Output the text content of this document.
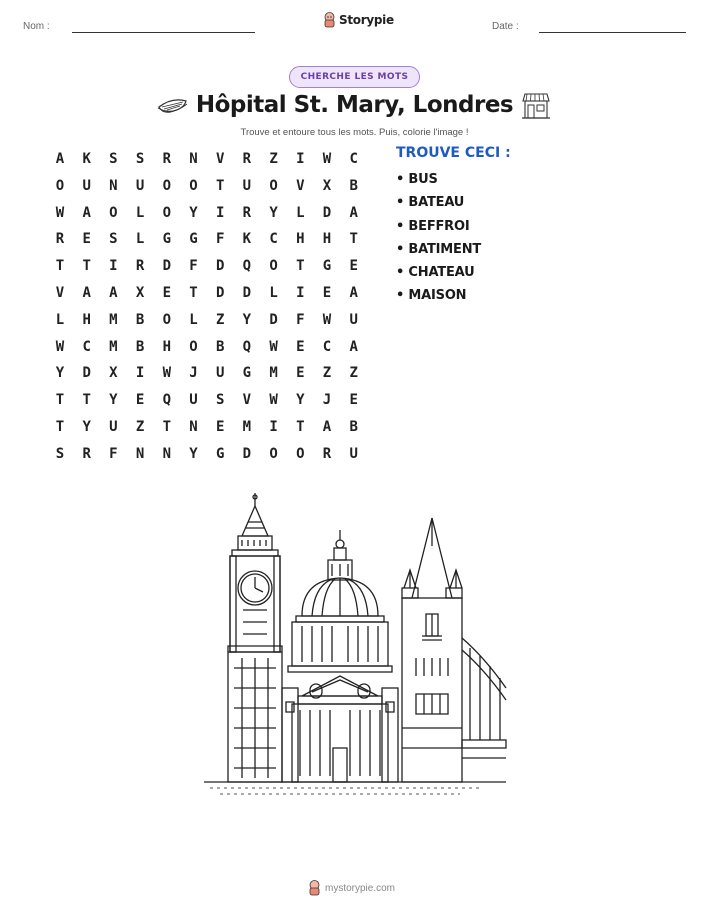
Nom :	Storypie	Date :
CHERCHE LES MOTS
Hôpital St. Mary, Londres
Trouve et entoure tous les mots. Puis, colorie l'image !
A	K	S	S	R	N	V	R	Z	I	W	C
O	U	N	U	O	O	T	U	O	V	X	B
W	A	O	L	O	Y	I	R	Y	L	D	A
R	E	S	L	G	G	F	K	C	H	H	T
T	T	I	R	D	F	D	Q	O	T	G	E
V	A	A	X	E	T	D	D	L	I	E	A
L	H	M	B	O	L	Z	Y	D	F	W	U
W	C	M	B	H	O	B	Q	W	E	C	A
Y	D	X	I	W	J	U	G	M	E	Z	Z
T	T	Y	E	Q	U	S	V	W	Y	J	E
T	Y	U	Z	T	N	E	M	I	T	A	B
S	R	F	N	N	Y	G	D	O	O	R	U
TROUVE CECI :
• BUS
• BATEAU
• BEFFROI
• BATIMENT
• CHATEAU
• MAISON
mystorypie.com
